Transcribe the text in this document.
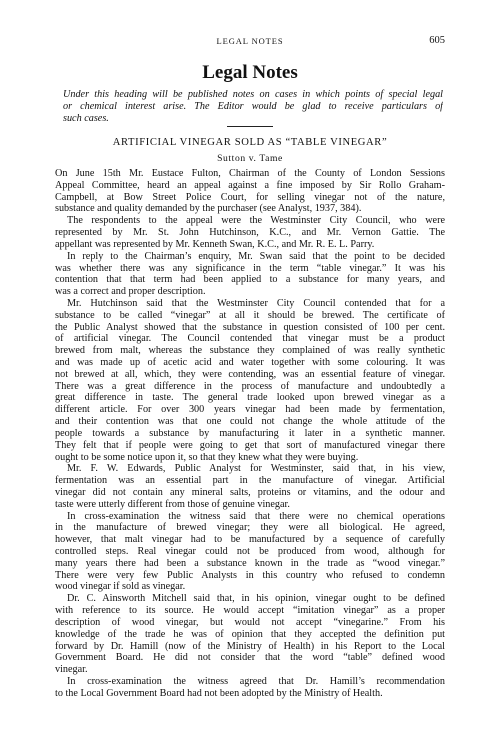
LEGAL NOTES	605
Legal Notes
Under this heading will be published notes on cases in which points of special legal
or chemical interest arise. The Editor would be glad to receive particulars of
such cases.
ARTIFICIAL VINEGAR SOLD AS “TABLE VINEGAR”
Sutton v. Tame
On June 15th Mr. Eustace Fulton, Chairman of the County of London Sessions
Appeal Committee, heard an appeal against a fine imposed by Sir Rollo Graham-
Campbell, at Bow Street Police Court, for selling vinegar not of the nature,
substance and quality demanded by the purchaser (see Analyst, 1937, 384).
The respondents to the appeal were the Westminster City Council, who were
represented by Mr. St. John Hutchinson, K.C., and Mr. Vernon Gattie. The
appellant was represented by Mr. Kenneth Swan, K.C., and Mr. R. E. L. Parry.
In reply to the Chairman’s enquiry, Mr. Swan said that the point to be decided
was whether there was any significance in the term “table vinegar.” It was his
contention that that term had been applied to a substance for many years, and
was a correct and proper description.
Mr. Hutchinson said that the Westminster City Council contended that for a
substance to be called “vinegar” at all it should be brewed. The certificate of
the Public Analyst showed that the substance in question consisted of 100 per cent.
of artificial vinegar. The Council contended that vinegar must be a product
brewed from malt, whereas the substance they complained of was really synthetic
and was made up of acetic acid and water together with some colouring. It was
not brewed at all, which, they were contending, was an essential feature of vinegar.
There was a great difference in the process of manufacture and undoubtedly a
great difference in taste. The general trade looked upon brewed vinegar as a
different article. For over 300 years vinegar had been made by fermentation,
and their contention was that one could not change the whole attitude of the
people towards a substance by manufacturing it later in a synthetic manner.
They felt that if people were going to get that sort of manufactured vinegar there
ought to be some notice upon it, so that they knew what they were buying.
Mr. F. W. Edwards, Public Analyst for Westminster, said that, in his view,
fermentation was an essential part in the manufacture of vinegar. Artificial
vinegar did not contain any mineral salts, proteins or vitamins, and the odour and
taste were utterly different from those of genuine vinegar.
In cross-examination the witness said that there were no chemical operations
in the manufacture of brewed vinegar; they were all biological. He agreed,
however, that malt vinegar had to be manufactured by a sequence of carefully
controlled steps. Real vinegar could not be produced from wood, although for
many years there had been a substance known in the trade as “wood vinegar.”
There were very few Public Analysts in this country who refused to condemn
wood vinegar if sold as vinegar.
Dr. C. Ainsworth Mitchell said that, in his opinion, vinegar ought to be defined
with reference to its source. He would accept “imitation vinegar” as a proper
description of wood vinegar, but would not accept “vinegarine.” From his
knowledge of the trade he was of opinion that they accepted the definition put
forward by Dr. Hamill (now of the Ministry of Health) in his Report to the Local
Government Board. He did not consider that the word “table” defined wood
vinegar.
In cross-examination the witness agreed that Dr. Hamill’s recommendation
to the Local Government Board had not been adopted by the Ministry of Health.
